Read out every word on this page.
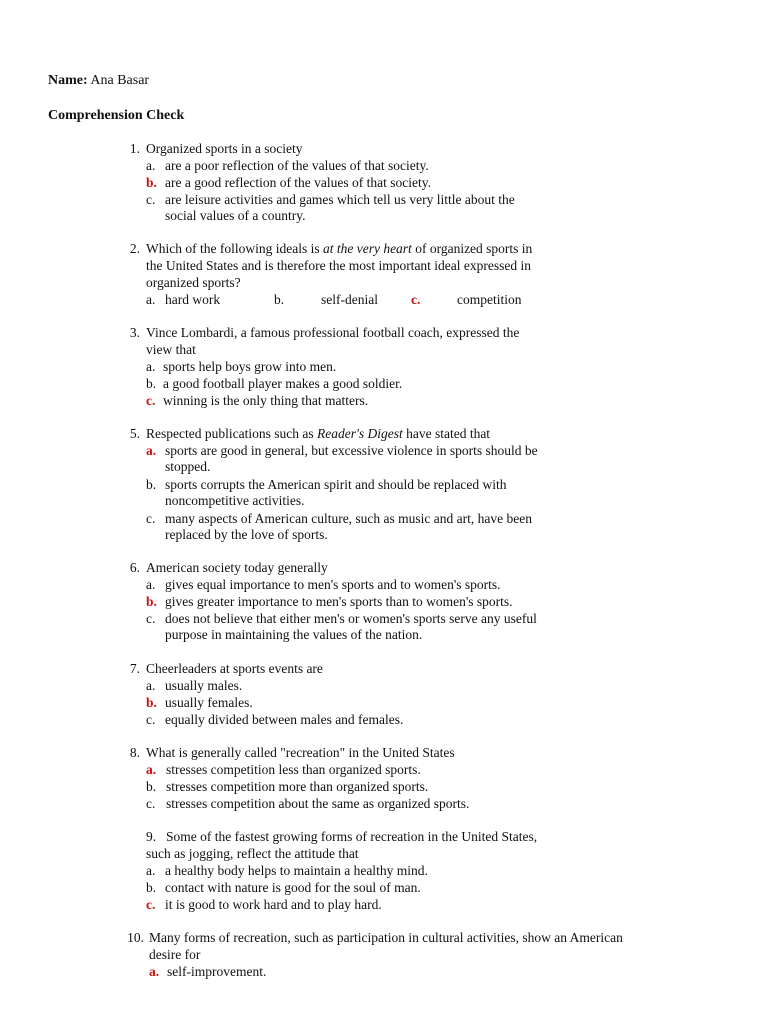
Name: Ana Basar
Comprehension Check
1. Organized sports in a society
a. are a poor reflection of the values of that society.
b. are a good reflection of the values of that society.
c. are leisure activities and games which tell us very little about the
social values of a country.
2. Which of the following ideals is at the very heart of organized sports in
the United States and is therefore the most important ideal expressed in
organized sports?
a. hard work	b.	self-denial c.	competition
3. Vince Lombardi, a famous professional football coach, expressed the
view that
a. sports help boys grow into men.
b. a good football player makes a good soldier.
c. winning is the only thing that matters.
5. Respected publications such as Reader's Digest have stated that
a. sports are good in general, but excessive violence in sports should be
stopped.
b. sports corrupts the American spirit and should be replaced with
noncompetitive activities.
c. many aspects of American culture, such as music and art, have been
replaced by the love of sports.
6. American society today generally
a. gives equal importance to men's sports and to women's sports.
b. gives greater importance to men's sports than to women's sports.
c. does not believe that either men's or women's sports serve any useful
purpose in maintaining the values of the nation.
7. Cheerleaders at sports events are
a. usually males.
b. usually females.
c. equally divided between males and females.
8. What is generally called "recreation" in the United States
a. stresses competition less than organized sports.
b. stresses competition more than organized sports.
c. stresses competition about the same as organized sports.
9. Some of the fastest growing forms of recreation in the United States,
such as jogging, reflect the attitude that
a. a healthy body helps to maintain a healthy mind.
b. contact with nature is good for the soul of man.
c. it is good to work hard and to play hard.
10. Many forms of recreation, such as participation in cultural activities, show an American
desire for
a. self-improvement.
